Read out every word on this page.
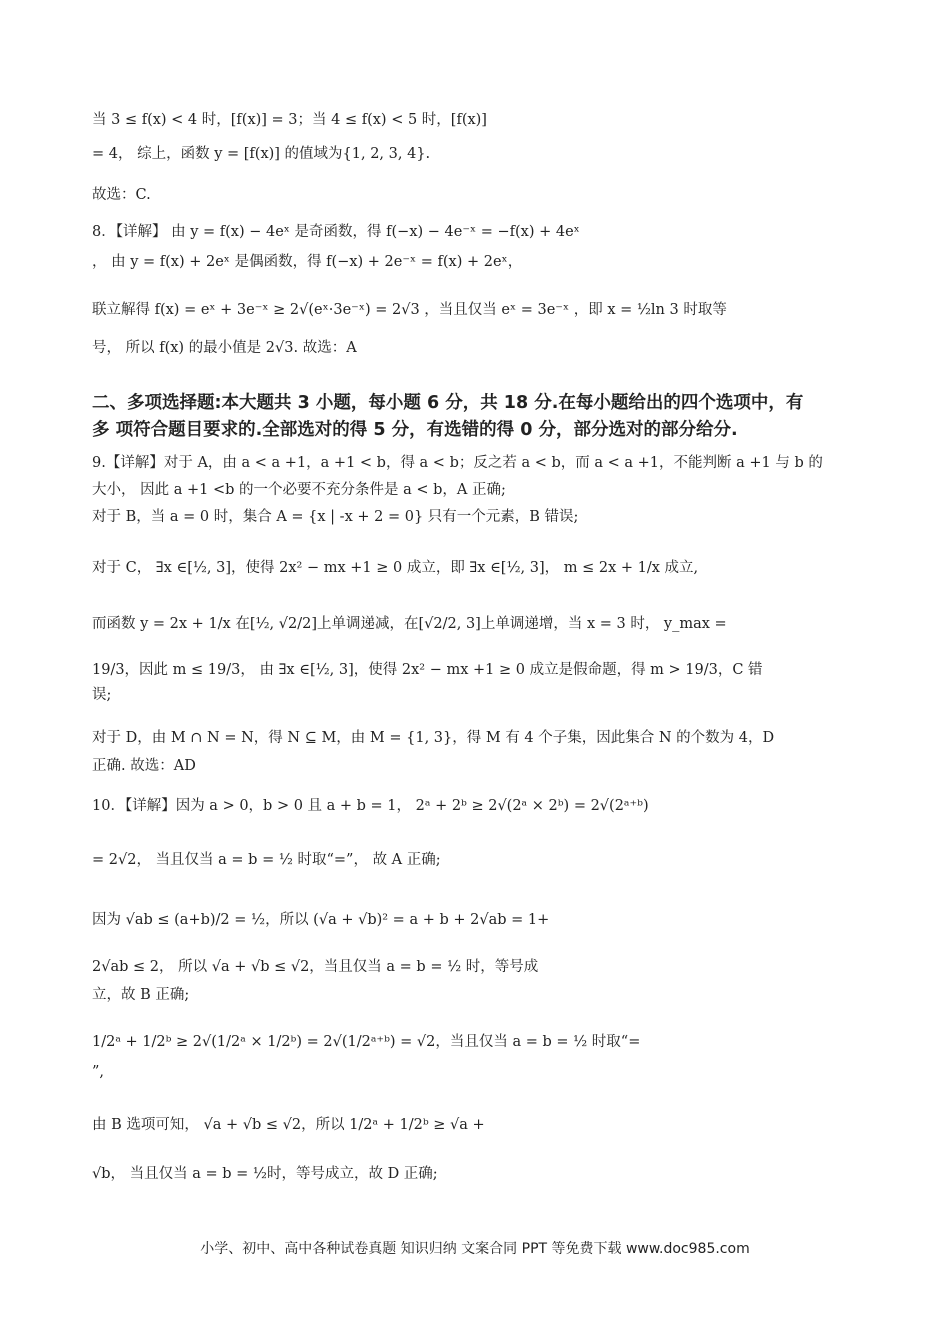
当 3 ≤ f(x) < 4 时，[f(x)] = 3；当 4 ≤ f(x) < 5 时，[f(x)]
= 4， 综上，函数 y = [f(x)] 的值域为{1, 2, 3, 4}.
故选：C.
8．【详解】 由 y = f(x) − 4eˣ 是奇函数，得 f(−x) − 4e⁻ˣ = −f(x) + 4eˣ
， 由 y = f(x) + 2eˣ 是偶函数，得 f(−x) + 2e⁻ˣ = f(x) + 2eˣ，
联立解得 f(x) = eˣ + 3e⁻ˣ ≥ 2√(eˣ·3e⁻ˣ) = 2√3 ，当且仅当 eˣ = 3e⁻ˣ ，即 x = ½ln 3 时取等
号， 所以 f(x) 的最小值是 2√3. 故选：A
二、多项选择题:本大题共 3 小题，每小题 6 分，共 18 分.在每小题给出的四个选项中，有
多 项符合题目要求的.全部选对的得 5 分，有选错的得 0 分，部分选对的部分给分.
9.【详解】对于 A，由 a < a +1，a +1 < b，得 a < b；反之若 a < b，而 a < a +1，不能判断 a +1 与 b 的
大小， 因此 a +1 <b 的一个必要不充分条件是 a < b，A 正确;
对于 B，当 a = 0 时，集合 A = {x | -x + 2 = 0} 只有一个元素，B 错误;
对于 C， ∃x ∈[½, 3]，使得 2x² − mx +1 ≥ 0 成立，即 ∃x ∈[½, 3]， m ≤ 2x + 1/x 成立,
而函数 y = 2x + 1/x 在[½, √2/2]上单调递减，在[√2/2, 3]上单调递增，当 x = 3 时， y_max =
19/3，因此 m ≤ 19/3， 由 ∃x ∈[½, 3]，使得 2x² − mx +1 ≥ 0 成立是假命题，得 m > 19/3，C 错
误;
对于 D，由 M ∩ N = N，得 N ⊆ M，由 M = {1, 3}，得 M 有 4 个子集，因此集合 N 的个数为 4，D
正确. 故选：AD
10．【详解】因为 a > 0，b > 0 且 a + b = 1， 2ᵃ + 2ᵇ ≥ 2√(2ᵃ × 2ᵇ) = 2√(2ᵃ⁺ᵇ)
= 2√2， 当且仅当 a = b = ½ 时取“=”， 故 A 正确;
因为 √ab ≤ (a+b)/2 = ½，所以 (√a + √b)² = a + b + 2√ab = 1+
2√ab ≤ 2， 所以 √a + √b ≤ √2，当且仅当 a = b = ½ 时，等号成
立，故 B 正确;
1/2ᵃ + 1/2ᵇ ≥ 2√(1/2ᵃ × 1/2ᵇ) = 2√(1/2ᵃ⁺ᵇ) = √2，当且仅当 a = b = ½ 时取“=
”,
由 B 选项可知， √a + √b ≤ √2，所以 1/2ᵃ + 1/2ᵇ ≥ √a +
√b， 当且仅当 a = b = ½时，等号成立，故 D 正确;
小学、初中、高中各种试卷真题 知识归纳 文案合同 PPT 等免费下载 www.doc985.com
